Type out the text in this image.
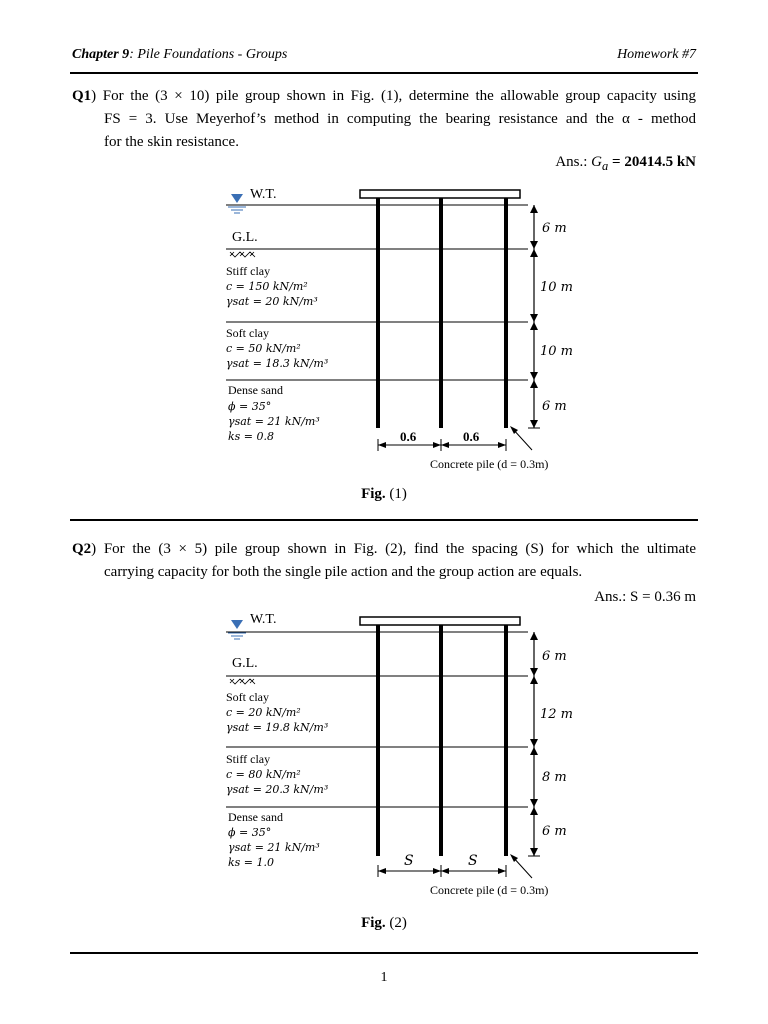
Chapter 9: Pile Foundations - Groups	Homework #7
Q1) For the (3 × 10) pile group shown in Fig. (1), determine the allowable group capacity using
FS = 3. Use Meyerhof’s method in computing the bearing resistance and the α - method
for the skin resistance.
Ans.: $G_a = 20414.5$ kN
W.T.
G.L.
Stiff clay
c = 150 kN/m²
γsat = 20 kN/m³
Soft clay
c = 50 kN/m²
γsat = 18.3 kN/m³
Dense sand
ϕ = 35°
γsat = 21 kN/m³
ks = 0.8
6 m
10 m
10 m
6 m
0.6	0.6
Concrete pile (d = 0.3m)
Fig. (1)
Q2) For the (3 × 5) pile group shown in Fig. (2), find the spacing (S) for which the ultimate
carrying capacity for both the single pile action and the group action are equals.
Ans.: S = 0.36 m
W.T.
G.L.
Soft clay
c = 20 kN/m²
γsat = 19.8 kN/m³
Stiff clay
c = 80 kN/m²
γsat = 20.3 kN/m³
Dense sand
ϕ = 35°
γsat = 21 kN/m³
ks = 1.0
6 m
12 m
8 m
6 m
S	S
Concrete pile (d = 0.3m)
Fig. (2)
1
